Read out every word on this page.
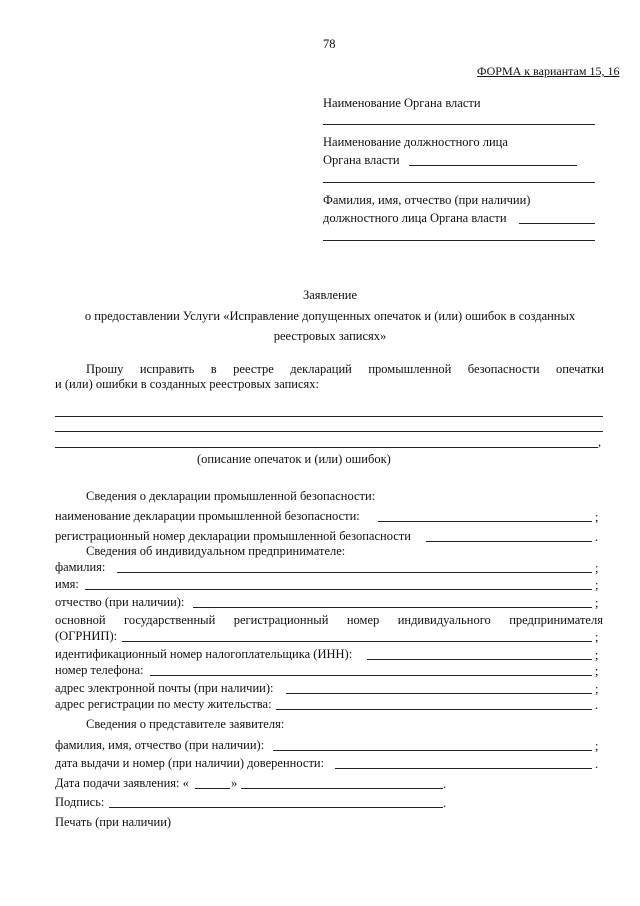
78
ФОРМА к вариантам 15, 16
Наименование Органа власти
Наименование должностного лица
Органа власти
Фамилия, имя, отчество (при наличии)
должностного лица Органа власти
Заявление
о предоставлении Услуги «Исправление допущенных опечаток и (или) ошибок в созданных
реестровых записях»
Прошу исправить в реестре деклараций промышленной безопасности опечатки
и (или) ошибки в созданных реестровых записях:
,
(описание опечаток и (или) ошибок)
Сведения о декларации промышленной безопасности:
наименование декларации промышленной безопасности:	;
регистрационный номер декларации промышленной безопасности	.
Сведения об индивидуальном предпринимателе:
фамилия:	;
имя:	;
отчество (при наличии):	;
основной государственный регистрационный номер индивидуального предпринимателя
(ОГРНИП):	;
идентификационный номер налогоплательщика (ИНН):	;
номер телефона:	;
адрес электронной почты (при наличии):	;
адрес регистрации по месту жительства:	.
Сведения о представителе заявителя:
фамилия, имя, отчество (при наличии):	;
дата выдачи и номер (при наличии) доверенности:	.
Дата подачи заявления: «	»	.
Подпись:	.
Печать (при наличии)
